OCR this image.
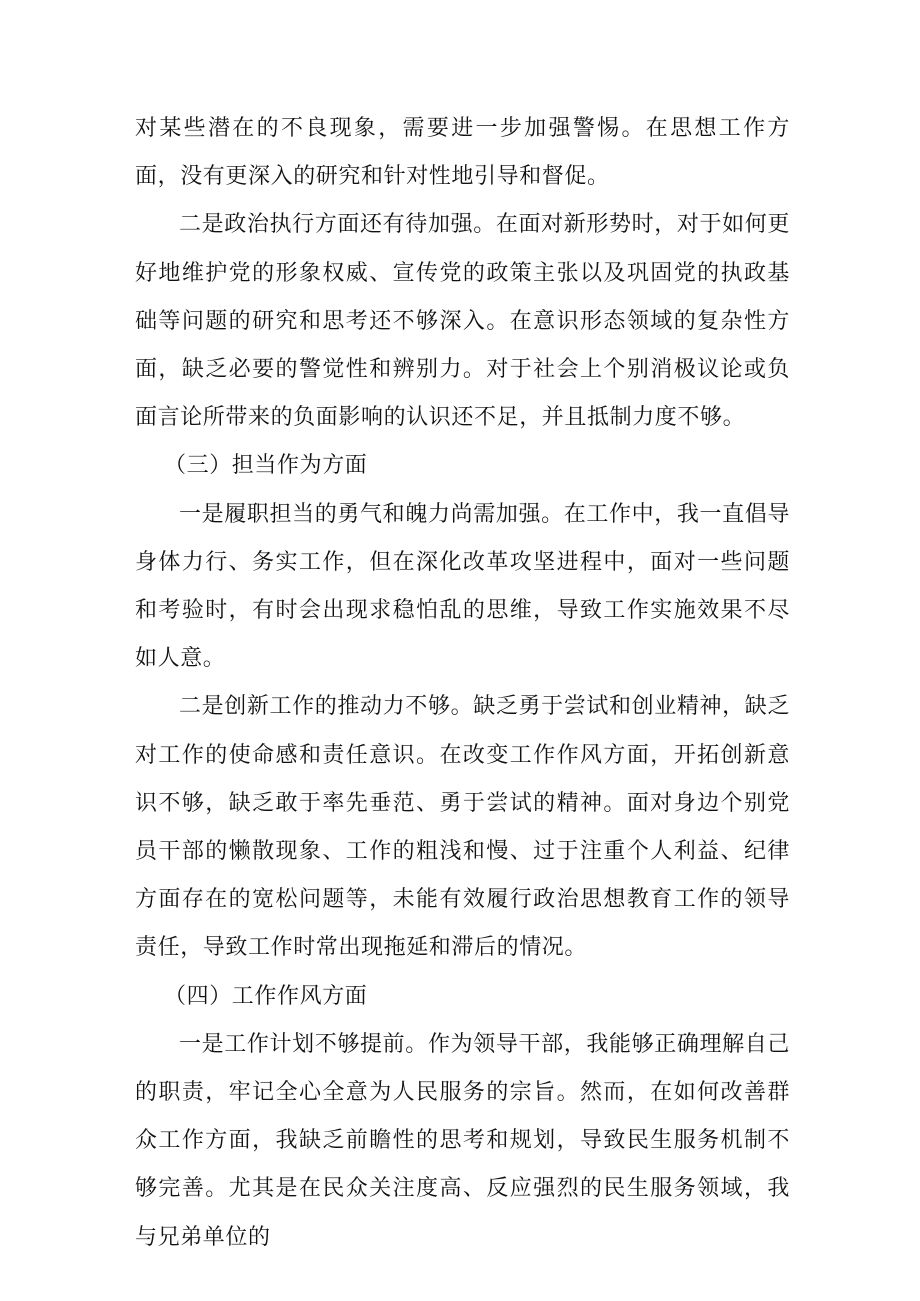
对某些潜在的不良现象，需要进一步加强警惕。在思想工作方面，没有更深入的研究和针对性地引导和督促。

二是政治执行方面还有待加强。在面对新形势时，对于如何更好地维护党的形象权威、宣传党的政策主张以及巩固党的执政基础等问题的研究和思考还不够深入。在意识形态领域的复杂性方面，缺乏必要的警觉性和辨别力。对于社会上个别消极议论或负面言论所带来的负面影响的认识还不足，并且抵制力度不够。

（三）担当作为方面

一是履职担当的勇气和魄力尚需加强。在工作中，我一直倡导身体力行、务实工作，但在深化改革攻坚进程中，面对一些问题和考验时，有时会出现求稳怕乱的思维，导致工作实施效果不尽如人意。

二是创新工作的推动力不够。缺乏勇于尝试和创业精神，缺乏对工作的使命感和责任意识。在改变工作作风方面，开拓创新意识不够，缺乏敢于率先垂范、勇于尝试的精神。面对身边个别党员干部的懒散现象、工作的粗浅和慢、过于注重个人利益、纪律方面存在的宽松问题等，未能有效履行政治思想教育工作的领导责任，导致工作时常出现拖延和滞后的情况。

（四）工作作风方面

一是工作计划不够提前。作为领导干部，我能够正确理解自己的职责，牢记全心全意为人民服务的宗旨。然而，在如何改善群众工作方面，我缺乏前瞻性的思考和规划，导致民生服务机制不够完善。尤其是在民众关注度高、反应强烈的民生服务领域，我与兄弟单位的
